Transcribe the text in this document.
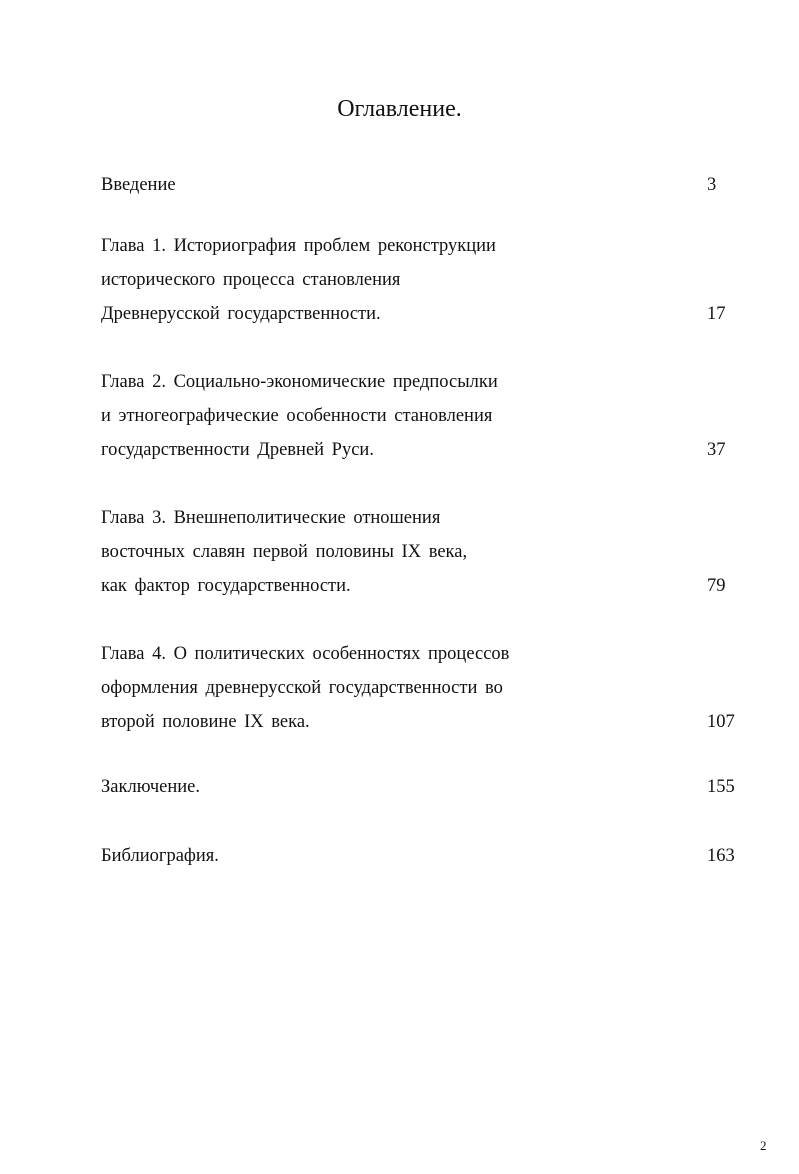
Оглавление.
Введение	3
Глава 1. Историография проблем реконструкции
исторического процесса становления
Древнерусской государственности.	17
Глава 2. Социально-экономические предпосылки
и этногеографические особенности становления
государственности Древней Руси.	37
Глава 3. Внешнеполитические отношения
восточных славян первой половины IX века,
как фактор государственности.	79
Глава 4. О политических особенностях процессов
оформления древнерусской государственности во
второй половине IX века.	107
Заключение.	155
Библиография.	163
2
